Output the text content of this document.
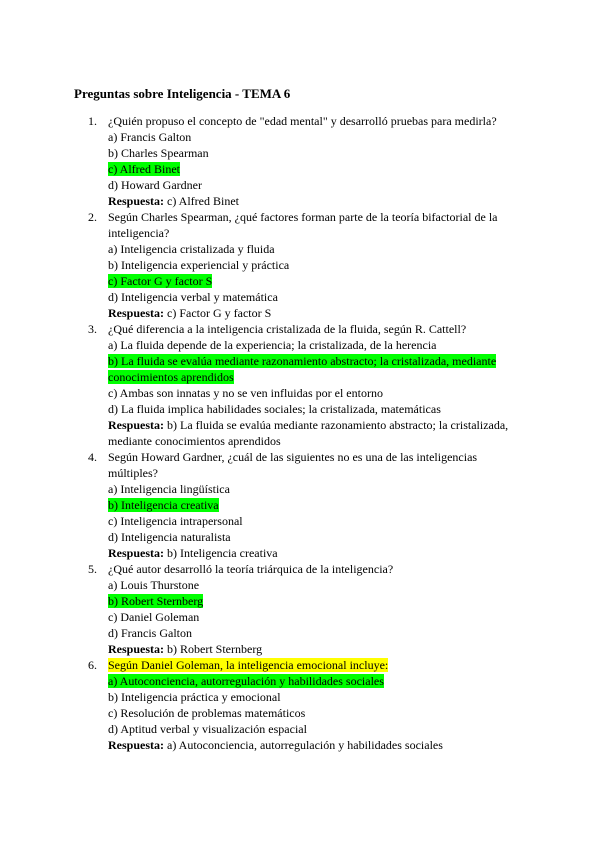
Preguntas sobre Inteligencia - TEMA 6
1. ¿Quién propuso el concepto de "edad mental" y desarrolló pruebas para medirla?
a) Francis Galton
b) Charles Spearman
c) Alfred Binet
d) Howard Gardner
Respuesta: c) Alfred Binet
2. Según Charles Spearman, ¿qué factores forman parte de la teoría bifactorial de la inteligencia?
a) Inteligencia cristalizada y fluida
b) Inteligencia experiencial y práctica
c) Factor G y factor S
d) Inteligencia verbal y matemática
Respuesta: c) Factor G y factor S
3. ¿Qué diferencia a la inteligencia cristalizada de la fluida, según R. Cattell?
a) La fluida depende de la experiencia; la cristalizada, de la herencia
b) La fluida se evalúa mediante razonamiento abstracto; la cristalizada, mediante conocimientos aprendidos
c) Ambas son innatas y no se ven influidas por el entorno
d) La fluida implica habilidades sociales; la cristalizada, matemáticas
Respuesta: b) La fluida se evalúa mediante razonamiento abstracto; la cristalizada, mediante conocimientos aprendidos
4. Según Howard Gardner, ¿cuál de las siguientes no es una de las inteligencias múltiples?
a) Inteligencia lingüística
b) Inteligencia creativa
c) Inteligencia intrapersonal
d) Inteligencia naturalista
Respuesta: b) Inteligencia creativa
5. ¿Qué autor desarrolló la teoría triárquica de la inteligencia?
a) Louis Thurstone
b) Robert Sternberg
c) Daniel Goleman
d) Francis Galton
Respuesta: b) Robert Sternberg
6. Según Daniel Goleman, la inteligencia emocional incluye:
a) Autoconciencia, autorregulación y habilidades sociales
b) Inteligencia práctica y emocional
c) Resolución de problemas matemáticos
d) Aptitud verbal y visualización espacial
Respuesta: a) Autoconciencia, autorregulación y habilidades sociales
